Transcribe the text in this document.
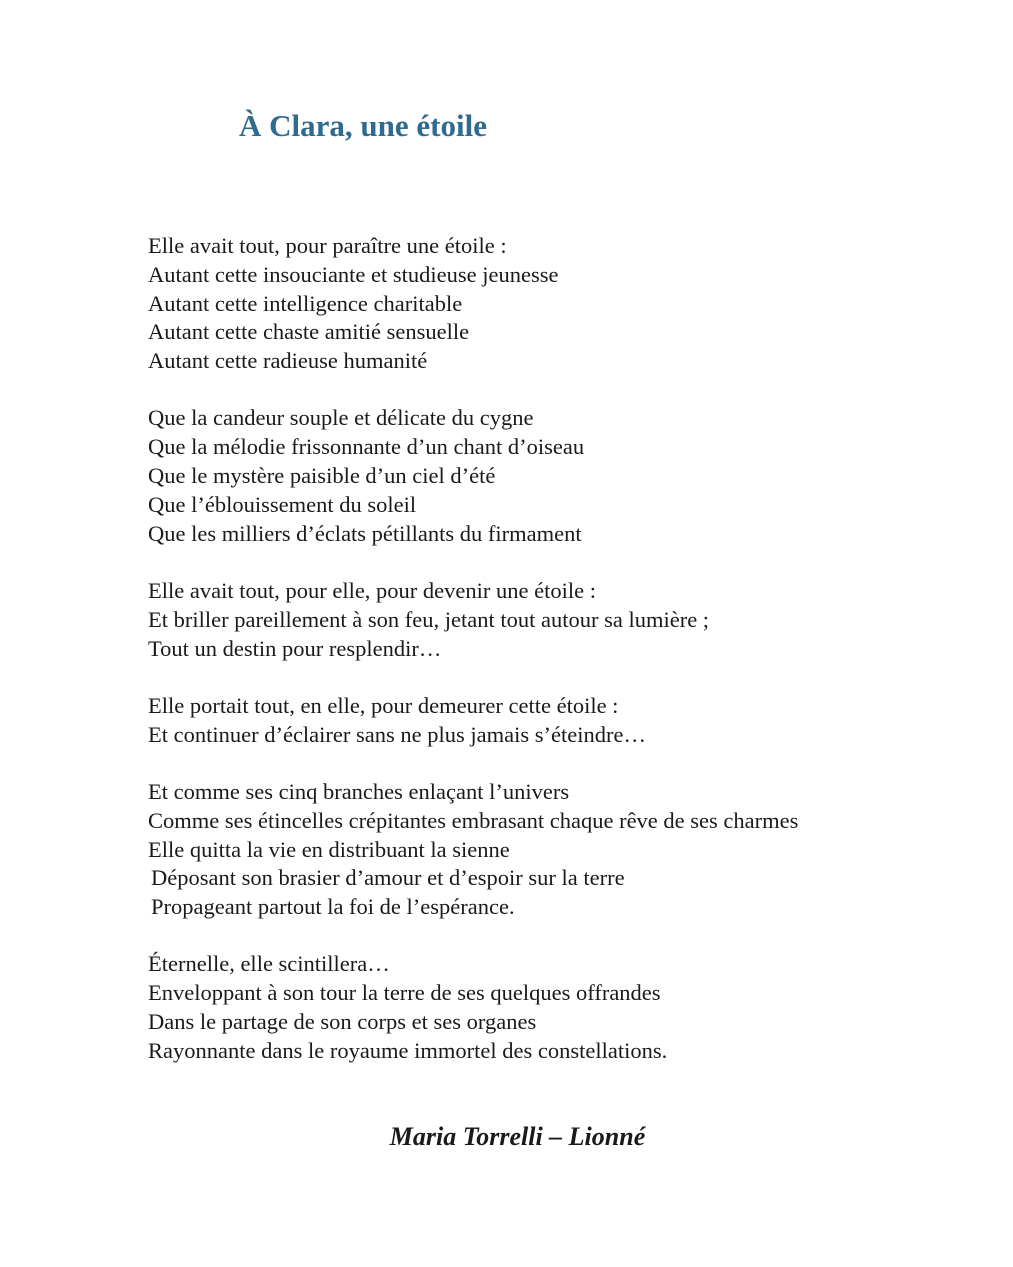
À Clara, une étoile
Elle avait tout, pour paraître une étoile :
Autant cette insouciante et studieuse jeunesse
Autant cette intelligence charitable
Autant cette chaste amitié sensuelle
Autant cette radieuse humanité
Que la candeur souple et délicate du cygne
Que la mélodie frissonnante d’un chant d’oiseau
Que le mystère paisible d’un ciel d’été
Que l’éblouissement du soleil
Que les milliers d’éclats pétillants du firmament
Elle avait tout, pour elle, pour devenir une étoile :
Et briller pareillement à son feu, jetant tout autour sa lumière ;
Tout un destin pour resplendir…
Elle portait tout, en elle, pour demeurer cette étoile :
Et continuer d’éclairer sans ne plus jamais s’éteindre…
Et comme ses cinq branches enlaçant l’univers
Comme ses étincelles crépitantes embrasant chaque rêve de ses charmes
Elle quitta la vie en distribuant la sienne
Déposant son brasier d’amour et d’espoir sur la terre
Propageant partout la foi de l’espérance.
Éternelle, elle scintillera…
Enveloppant à son tour la terre de ses quelques offrandes
Dans le partage de son corps et ses organes
Rayonnante dans le royaume immortel des constellations.
Maria Torrelli – Lionné
